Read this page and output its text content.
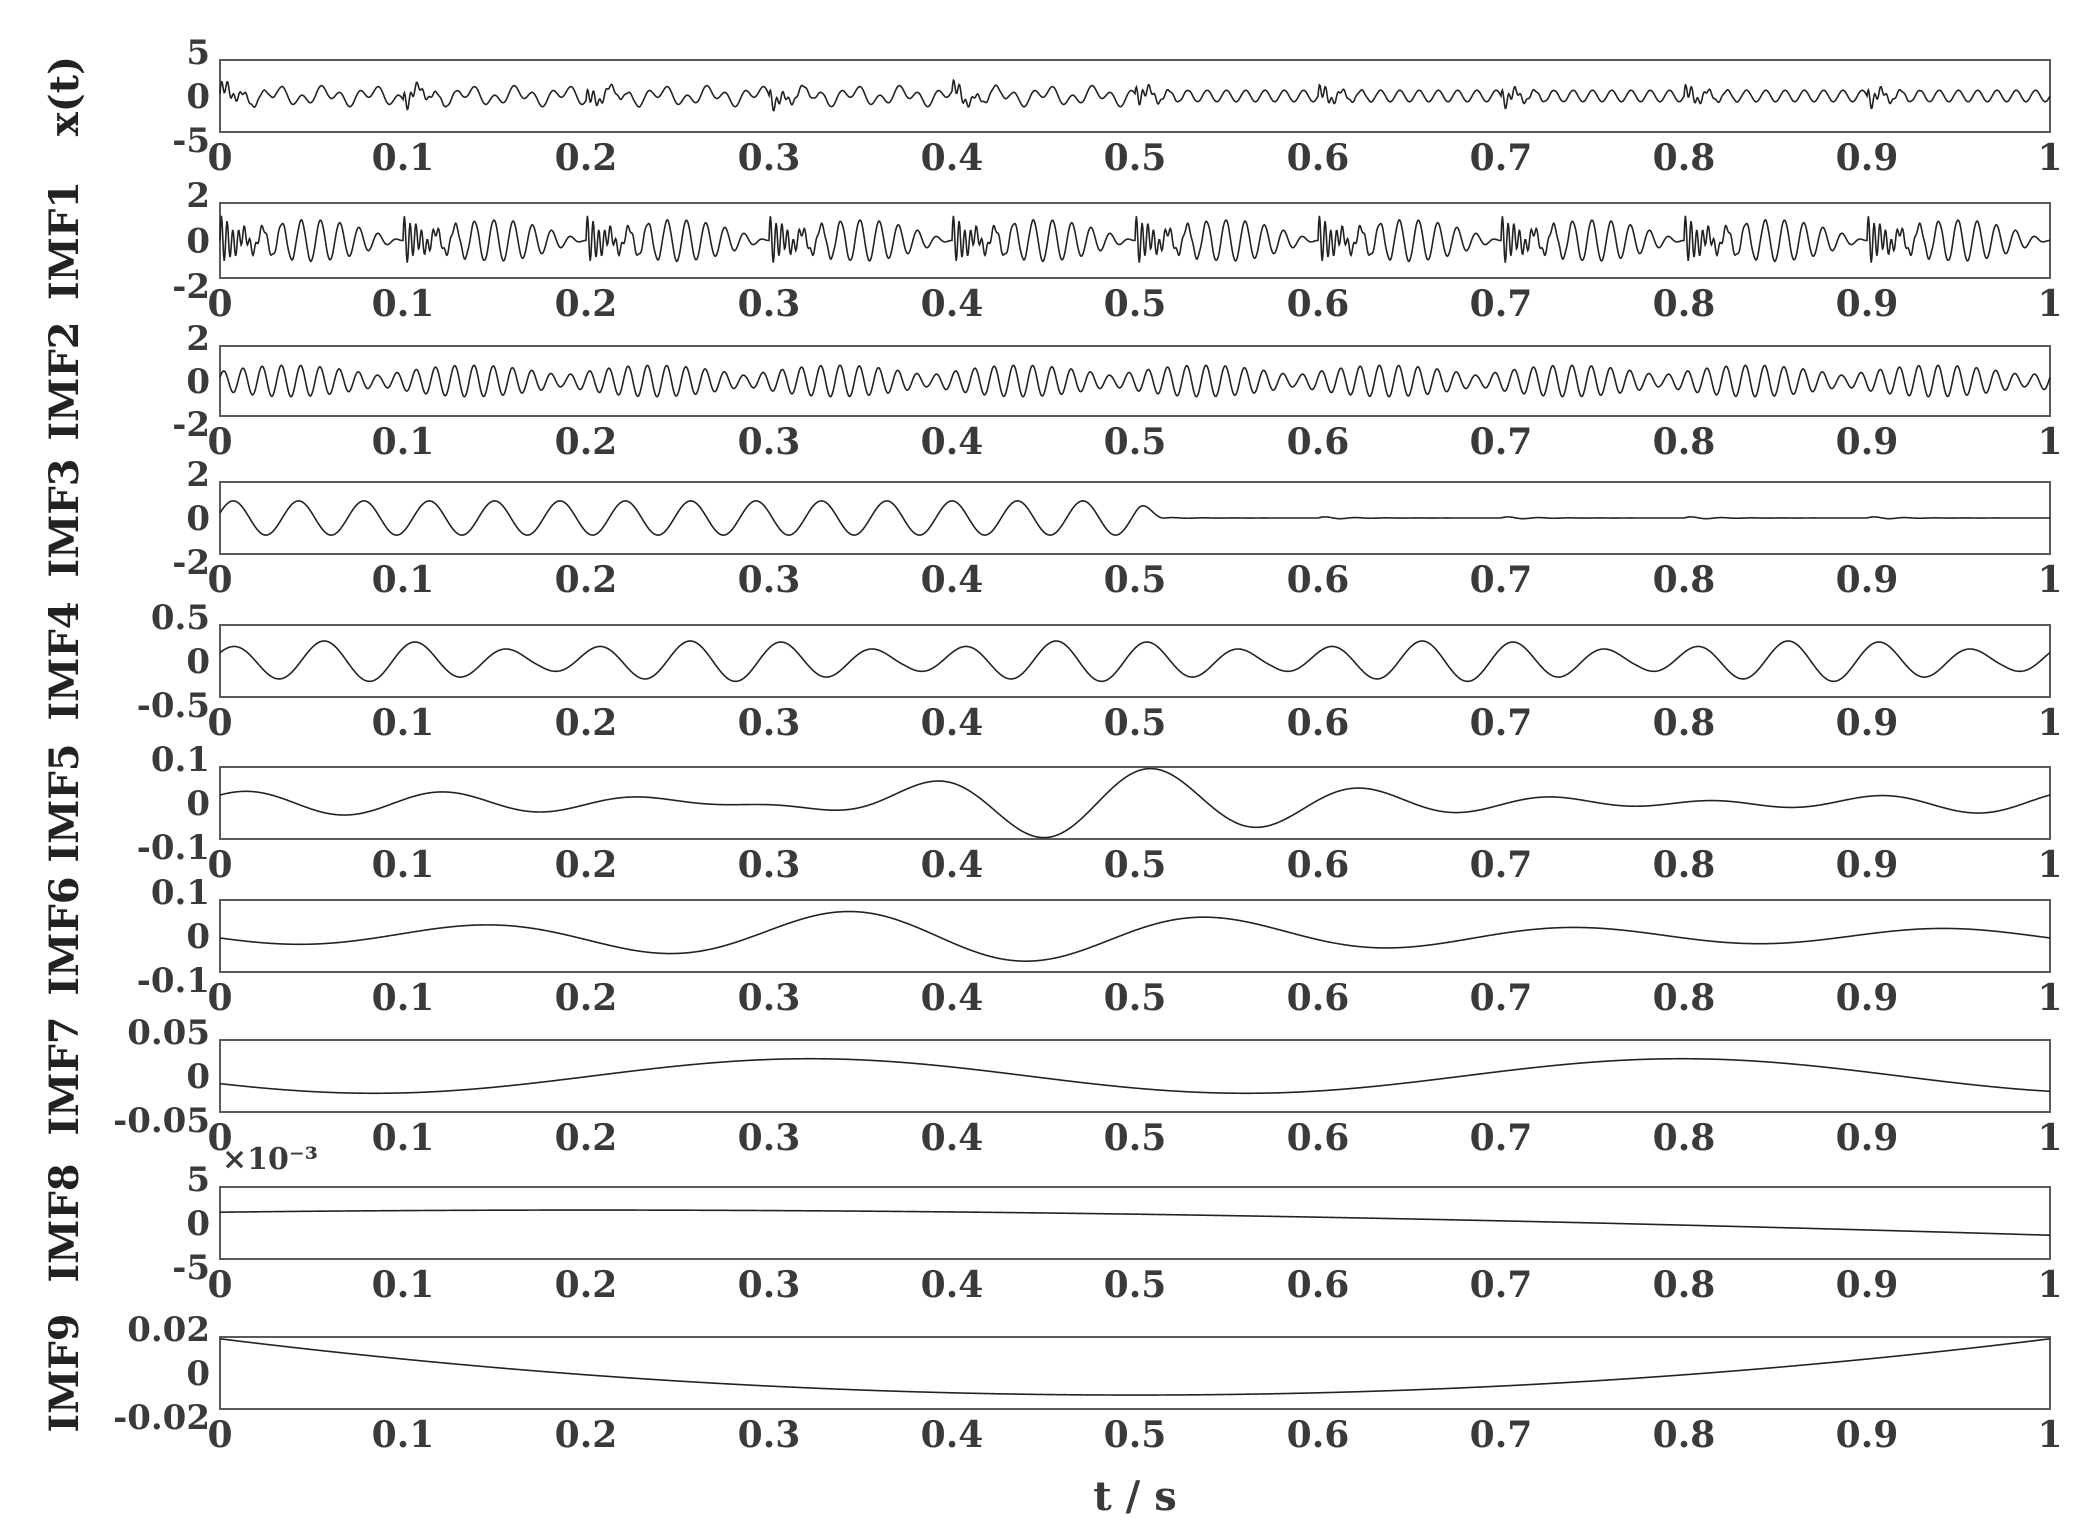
5
0
-5
x(t)
0	0.1	0.2	0.3	0.4	0.5	0.6	0.7	0.8	0.9	1
2
0
-2
IMF1
0	0.1	0.2	0.3	0.4	0.5	0.6	0.7	0.8	0.9	1
2
0
-2
IMF2
0	0.1	0.2	0.3	0.4	0.5	0.6	0.7	0.8	0.9	1
2
0
-2
IMF3
0	0.1	0.2	0.3	0.4	0.5	0.6	0.7	0.8	0.9	1
0.5
0
-0.5
IMF4
0	0.1	0.2	0.3	0.4	0.5	0.6	0.7	0.8	0.9	1
0.1
0
-0.1
IMF5
0	0.1	0.2	0.3	0.4	0.5	0.6	0.7	0.8	0.9	1
0.1
0
-0.1
IMF6
0	0.1	0.2	0.3	0.4	0.5	0.6	0.7	0.8	0.9	1
0.05
0
-0.05
IMF7
0	0.1	0.2	0.3	0.4	0.5	0.6	0.7	0.8	0.9	1
5
0
-5
IMF8
×10⁻³
0	0.1	0.2	0.3	0.4	0.5	0.6	0.7	0.8	0.9	1
0.02
0
-0.02
IMF9
0	0.1	0.2	0.3	0.4	0.5	0.6	0.7	0.8	0.9	1
t / s
